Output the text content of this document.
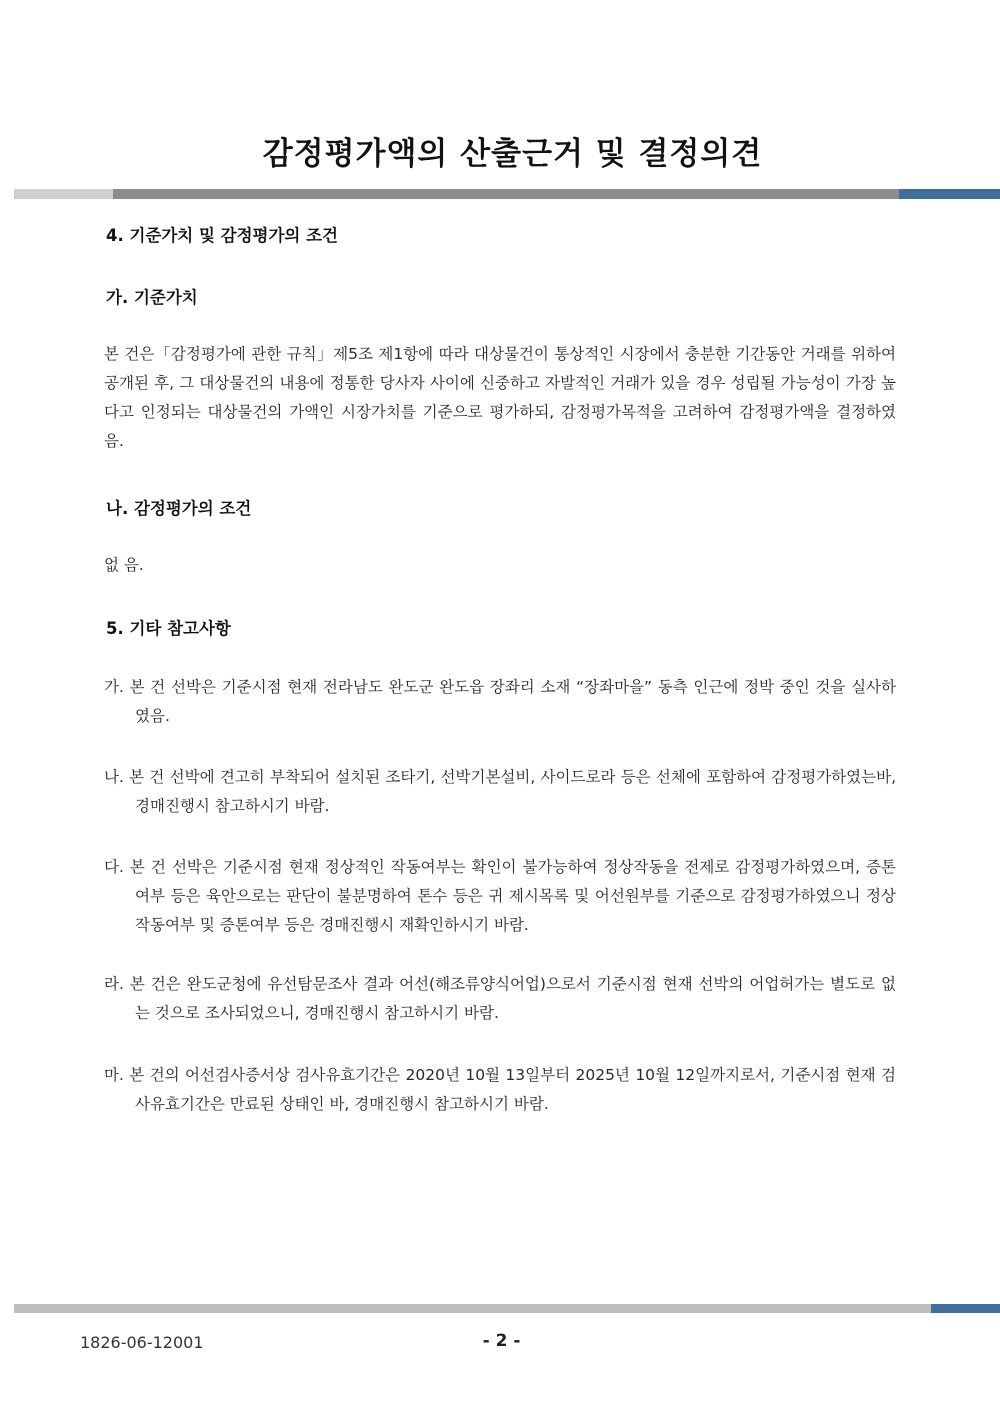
감정평가액의 산출근거 및 결정의견
4. 기준가치 및 감정평가의 조건
가. 기준가치
본 건은「감정평가에 관한 규칙」제5조 제1항에 따라 대상물건이 통상적인 시장에서 충분한 기간동안 거래를 위하여 공개된 후, 그 대상물건의 내용에 정통한 당사자 사이에 신중하고 자발적인 거래가 있을 경우 성립될 가능성이 가장 높다고 인정되는 대상물건의 가액인 시장가치를 기준으로 평가하되, 감정평가목적을 고려하여 감정평가액을 결정하였음.
나. 감정평가의 조건
없 음.
5. 기타 참고사항
가. 본 건 선박은 기준시점 현재 전라남도 완도군 완도읍 장좌리 소재 “장좌마을” 동측 인근에 정박 중인 것을 실사하였음.
나. 본 건 선박에 견고히 부착되어 설치된 조타기, 선박기본설비, 사이드로라 등은 선체에 포함하여 감정평가하였는바, 경매진행시 참고하시기 바람.
다. 본 건 선박은 기준시점 현재 정상적인 작동여부는 확인이 불가능하여 정상작동을 전제로 감정평가하였으며, 증톤여부 등은 육안으로는 판단이 불분명하여 톤수 등은 귀 제시목록 및 어선원부를 기준으로 감정평가하였으니 정상작동여부 및 증톤여부 등은 경매진행시 재확인하시기 바람.
라. 본 건은 완도군청에 유선탐문조사 결과 어선(해조류양식어업)으로서 기준시점 현재 선박의 어업허가는 별도로 없는 것으로 조사되었으니, 경매진행시 참고하시기 바람.
마. 본 건의 어선검사증서상 검사유효기간은 2020년 10월 13일부터 2025년 10월 12일까지로서, 기준시점 현재 검사유효기간은 만료된 상태인 바, 경매진행시 참고하시기 바람.
1826-06-12001	- 2 -
